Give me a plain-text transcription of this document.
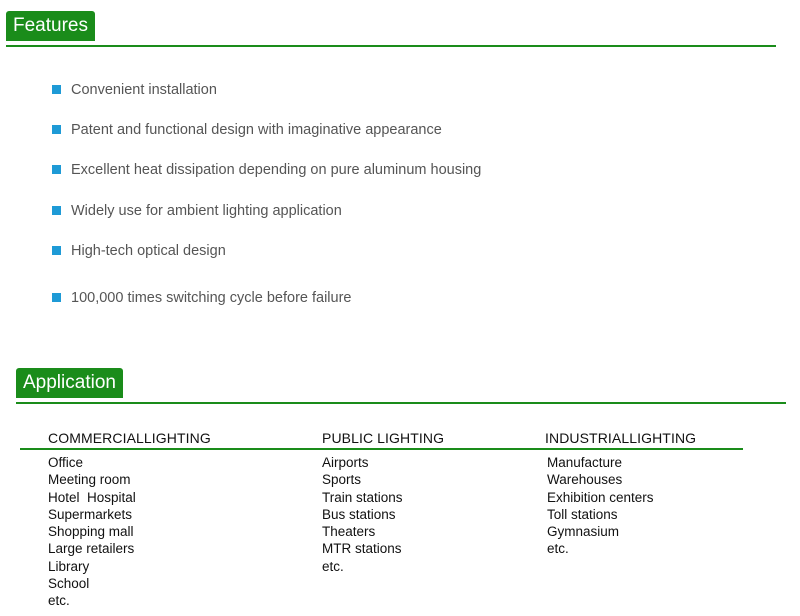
Features
Convenient installation
Patent and functional design with imaginative appearance
Excellent heat dissipation depending on pure aluminum housing
Widely use for ambient lighting application
High-tech optical design
100,000 times switching cycle before failure
Application
COMMERCIALLIGHTING	PUBLIC LIGHTING	INDUSTRIALLIGHTING
Office
Meeting room
Hotel  Hospital
Supermarkets
Shopping mall
Large retailers
Library
School
etc.
Airports
Sports
Train stations
Bus stations
Theaters
MTR stations
etc.
Manufacture
Warehouses
Exhibition centers
Toll stations
Gymnasium
etc.
